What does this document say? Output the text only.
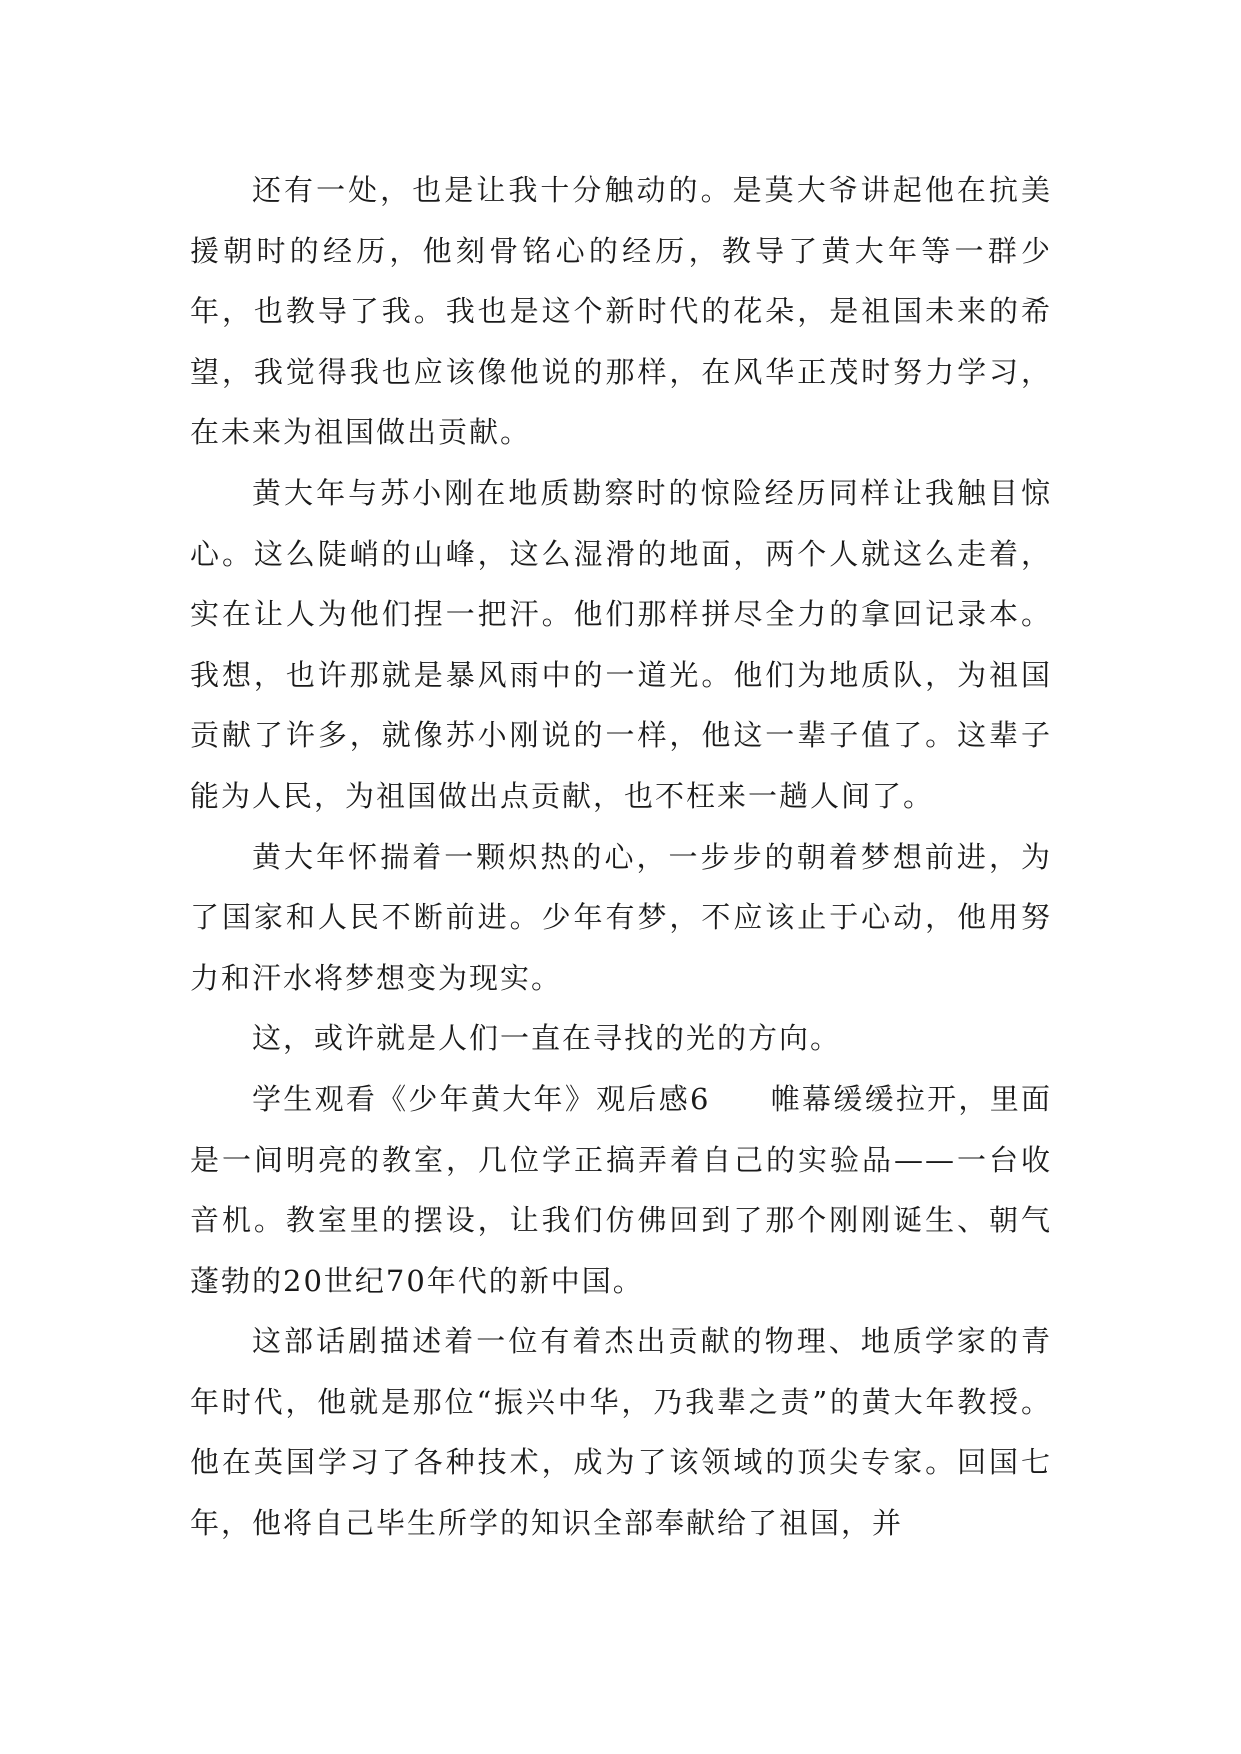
还有一处，也是让我十分触动的。是莫大爷讲起他在抗美援朝时的经历，他刻骨铭心的经历，教导了黄大年等一群少年，也教导了我。我也是这个新时代的花朵，是祖国未来的希望，我觉得我也应该像他说的那样，在风华正茂时努力学习，在未来为祖国做出贡献。

黄大年与苏小刚在地质勘察时的惊险经历同样让我触目惊心。这么陡峭的山峰，这么湿滑的地面，两个人就这么走着，实在让人为他们捏一把汗。他们那样拼尽全力的拿回记录本。我想，也许那就是暴风雨中的一道光。他们为地质队，为祖国贡献了许多，就像苏小刚说的一样，他这一辈子值了。这辈子能为人民，为祖国做出点贡献，也不枉来一趟人间了。

黄大年怀揣着一颗炽热的心，一步步的朝着梦想前进，为了国家和人民不断前进。少年有梦，不应该止于心动，他用努力和汗水将梦想变为现实。

这，或许就是人们一直在寻找的光的方向。

学生观看《少年黄大年》观后感6 帷幕缓缓拉开，里面是一间明亮的教室，几位学正搞弄着自己的实验品——一台收音机。教室里的摆设，让我们仿佛回到了那个刚刚诞生、朝气蓬勃的20世纪70年代的新中国。

这部话剧描述着一位有着杰出贡献的物理、地质学家的青年时代，他就是那位“振兴中华，乃我辈之责”的黄大年教授。他在英国学习了各种技术，成为了该领域的顶尖专家。回国七年，他将自己毕生所学的知识全部奉献给了祖国，并
